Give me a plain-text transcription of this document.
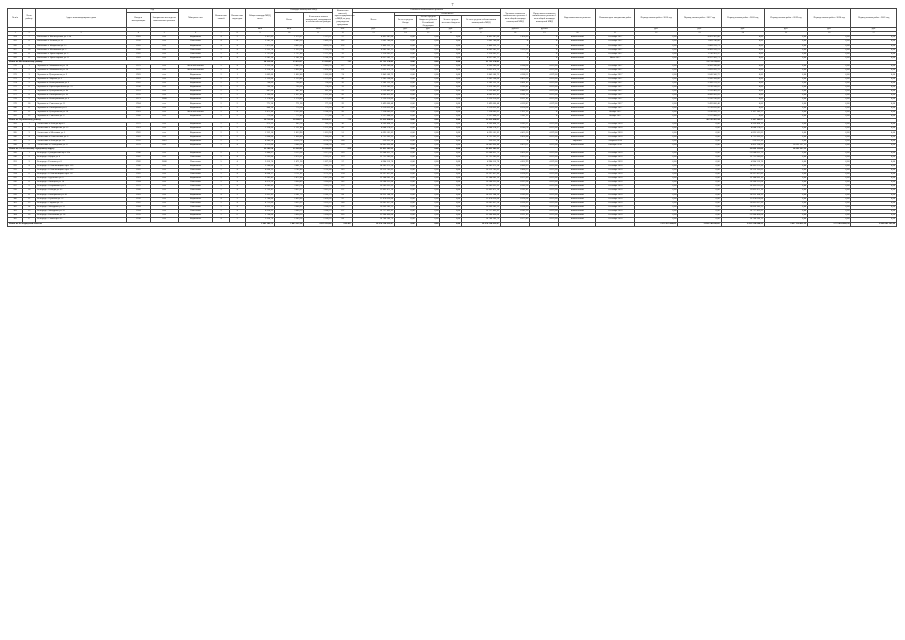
7
№ п/п	№ по району	Адрес многоквартирного дома	Год		Материал стен	Количество этажей	Количество подъездов	Общая площадь МКД, всего	Площадь помещений МКД:		Количество жителей, зарегистрированных в МКД на дату утверждения программы	Стоимость капитального ремонта					Удельная стоимость капитального ремонта 1 кв.м общей площади помещений МКД	Предельная стоимость капитального ремонта 1 кв.м общей площади помещений МКД	Вид капитального ремонта	Плановая дата завершения работ	Период оплаты работ - 2016 год	Период оплаты работ - 2017 год	Период оплаты работ - 2018 год	Период оплаты работ - 2019 год	Период оплаты работ - 2020 год	Период оплаты работ - 2021 год
			Ввода в эксплуатацию	Завершения последнего капитального ремонта					Всего	В том числе жилых помещений, находящихся в собственности граждан		Всего	в том числе:													
													За счет средств Фонда	За счет средств бюджета субъекта Российской Федерации	За счет средств местного бюджета	За счет средств собственников помещений в МКД										
								кв.м	кв.м	кв.м	чел.	руб.	руб.	руб.	руб.	руб.	рублей	рублей			руб.	руб.	руб.	руб.	руб.	руб.
1	2	3	4	5	6	7	8	9	10	11	12	13	14	15	16	17	18	19	20	21	22	23	24	25	26	27
264	7	Шебекино г. Институтская ул. 1/54	1963	нет	Кирпичные	4	3	2 417,02	1 579,37	1 579,37	57	4 491 987,00	0,00	0,00	0,00	4 491 987,00	2 858,99	Х	комплексный	Сентябрь 2017	0,00	4 491 987,00	0,00	0,00	0,00	0,00
265	8	Шебекино г. Ленина ул. 21	1959	нет	Панельные	4	3	3 541,34	2 485,50	2 485,50	282	1 003 746,00	0,00	0,00	0,00	1 003 746,00	Х	Х	комплексный	Сентябрь 2017	0,00	1 003 746,00	0,00	0,00	0,00	0,00
266	9	Шебекино г. Матросова ул. 11	1965	нет	Кирпичные	4	4	7 871,00	4 895,50	4 895,50	292	2 469 253,71	0,00	0,00	0,00	2 469 253,71	Х	Х	комплексный	Сентябрь 2017	0,00	2 469 253,71	0,00	0,00	0,00	0,00
267	10	Шебекино г. Московская ул. 2	1966	нет	Панельные	5	4	1 555,70	1 555,70	1 555,70	75	4 903 241,21	0,00	0,00	0,00	4 903 241,21	3 135,23	Х	комплексный	Сентябрь 2017	0,00	4 903 241,21	0,00	0,00	0,00	0,00
268	11	Шебекино г. Пролетарская ул. 3	1962	нет	Панельные	5	4	1 727,00	1 727,00	1 727,00	76	1 316 961,97	0,00	0,00	0,00	1 316 961,97	Х	Х	комплексный	Сентябрь 2017	0,00	1 316 961,97	0,00	0,00	0,00	0,00
269	12	Шебекино г. Пролетарская ул. 11	1963	нет	Кирпичные	4	4	1 541,20	1 541,20	1 541,20	63	4 957 502,71	0,00	0,00	0,00	4 957 502,71	Х	Х	комплексный	Июль 2017	0,00	4 957 502,71	0,00	0,00	0,00	0,00
Итого по Шебекинскому району								20 312,26	15 653,27	15 283,87	725	31 731 270,83	0,00	0,00	0,00	31 731 270,83						31 731 270,83				
270	1	Чернянка п. Маяковского ул. 18	1975	нет	Железобетонные	5	4	3 213,50	2 883,70	2 883,70	127	4 969 949,00	0,00	0,00	0,00	4 969 949,00	4 504,54	4 676,00	комплексный	Сентябрь 2017	0,00	4 969 949,00	0,00	0,00	0,00	0,00
271	2	Чернянка п. Маяковского ул. 20	1975	нет	Железобетонные	5	4	3 218,50	2 896,80	2 896,80	151	5 093 476,79	0,00	0,00	0,00	5 093 476,79	4 559,28	4 676,00	комплексный	Сентябрь 2017	0,00	5 093 476,79	0,00	0,00	0,00	0,00
272	3	Чернянка п. Центральная ул. 3	1963	нет	Кирпичные	2	1	1 062,00	1 062,00	1 062,00	74	3 843 506,72	0,00	0,00	0,00	3 843 506,72	4 508,12	4 676,00	комплексный	Сентябрь 2017	0,00	3 843 506,72	0,00	0,00	0,00	0,00
273	4	Чернянка п. Мирная ул. 2	1961	нет	Кирпичные	2	2	1 129,00	1 129,00	1 129,00	48	3 942 568,00	0,00	0,00	0,00	3 942 568,00	4 476,20	4 676,00	комплексный	Сентябрь 2017	0,00	3 942 568,00	0,00	0,00	0,00	0,00
274	5	Чернянка п. Кооперативная ул. 9	1962	нет	Кирпичные	2	2	768,09	768,09	768,09	39	3 389 123,16	0,00	0,00	0,00	3 389 123,16	4 461,45	4 676,00	комплексный	Сентябрь 2017	0,00	3 389 123,16	0,00	0,00	0,00	0,00
275	6	Чернянка п. Красноармейская ул. 12	1958	нет	Кирпичные	2	2	796,20	796,20	796,20	33	2 619 243,62	0,00	0,00	0,00	2 619 243,62	4 386,42	4 676,00	комплексный	Сентябрь 2017	0,00	2 619 243,62	0,00	0,00	0,00	0,00
276	7	Чернянка п. Центральная ул. 8а	1951	нет	Кирпичные	2	2	887,00	887,00	887,00	23	3 559 403,41	0,00	0,00	0,00	3 559 403,41	4 046,31	4 676,00	комплексный	Сентябрь 2017	0,00	3 559 403,41	0,00	0,00	0,00	0,00
277	8	Чернянка п. Октябрьская ул. 10	1976	нет	Кирпичные	2	2	1 196,60	1 637,40	1 637,40	43	4 089 452,83	0,00	0,00	0,00	4 089 452,83	4 581,56	4 676,00	комплексный	Сентябрь 2017	0,00	4 089 452,83	0,00	0,00	0,00	0,00
278	9	Чернянка п. Кооперативная ул. 6	1971	2008	Кирпичные	2	3	1 178,00	1 178,00	1 178,00	45	3 526 916,09	0,00	0,00	0,00	3 526 916,09	4 537,02	4 676,00	комплексный	Сентябрь 2017	0,00	3 526 916,09	0,00	0,00	0,00	0,00
279	10	Чернянка п. Советская ул. 11	1964	нет	Кирпичные	2	2	771,20	771,20	771,20	29	3 492 066,48	0,00	0,00	0,00	3 492 066,48	4 528,07	4 676,00	комплексный	Сентябрь 2017	0,00	3 492 066,48	0,00	0,00	0,00	0,00
280	11	Чернянка п. Октябрьская ул. 8	1962	нет	Кирпичные	2	2	848,20	776,10	776,10	36	3 519 032,86	0,00	0,00	0,00	3 519 032,86	4 534,24	4 676,00	комплексный	Сентябрь 2017	0,00	3 519 032,86	0,00	0,00	0,00	0,00
281	12	Чернянка п. Центральная ул. 10	1961	нет	Железобетонные	5	4	2 871,80	2 525,60	2 506,20	98	7 328 003,03	0,00	0,00	0,00	7 328 003,03	2 957,32	Х	комплексный	Ноябрь 2017	0,00	2 160 859,76	5 167 143,27	0,00	0,00	0,00
282	13	Чернянка п. Советская ул. 6	1966	нет	Кирпичные	2	2	772,00	772,00	772,00	32	2 537 808,62	0,00	0,00	0,00	2 537 808,62	3 287,32	Х	комплексный	Ноябрь 2017	0,00	2 537 808,62	0,00	0,00	0,00	0,00
Итого по Чернянскому району								18 711,69	18 160,77	18 141,37	778	51 912 430,61	0,00	0,00	0,00	51 912 430,61						46 745 287,34	5 167 143,27			
283	1	Алексеевка г. Победы пр-т 6	1975	нет	Кирпичные	2	2	975,22	902,10	902,10	30	4 269 490,12	0,00	0,00	0,00	4 269 490,12	4 385,51	4 676,00	комплексный	Сентябрь 2018	0,00	0,00	4 269 490,12	0,00	0,00	0,00
284	2	Алексеевка г. Тимирязева ул. 15	1961	нет	Кирпичные	2	2	1 228,60	1 121,80	1 121,80	43	4 648 378,67	0,00	0,00	0,00	4 648 378,67	4 144,78	4 676,00	комплексный	Сентябрь 2018	0,00	0,00	4 648 378,67	0,00	0,00	0,00
285	3	Алексеевка г. Мостовая ул. 5	1962	нет	Кирпичные	2	2	1 252,10	1 053,90	1 053,90	51	4 695 561,82	0,00	0,00	0,00	4 695 561,82	4 455,36	4 676,00	комплексный	Сентябрь 2018	0,00	0,00	4 695 561,82	0,00	0,00	0,00
286	4	Алексеевка г. Ремесленная ул. 6	1963	нет	Кирпичные	2	2	1 068,00	1 068,00	1 068,00	38	4 731 962,93	0,00	0,00	0,00	4 731 962,93	4 430,68	4 676,00	комплексный	Сентябрь 2018	0,00	0,00	4 731 962,93	0,00	0,00	0,00
287	5	Алексеевка г. Победы ул. 24	1955	2016	Кирпичные	2	2	4 946,58	4 556,78	4 556,78	188	229 951,20	0,00	0,00	0,00	229 951,20	Х	Х	лифтовое	Февраль 2018	0,00	0,00	229 951,20	0,00	0,00	0,00
288	6	Алексеевка г. Слободская ул. 17	1979	нет	Кирпичные	5	4	4 113,00	3 640,34	3 640,34	120	14 845 896,48	0,00	0,00	0,00	14 845 896,48	4 078,11	4 676,00	комплексный	Октябрь 2018	0,00	0,00	4 453 768,95	10 392 127,53	0,00	0,00
Итого по Алексеевскому городскому округу								13 583,50	12 343,92	12 343,92	470	33 421 241,22	0,00	0,00	0,00	33 421 241,22							23 029 113,69	10 392 127,53		
289	1	Белгород г. Гражданский пр-т 26а	1980	нет	Кирпичные	9	1	5 880,67	5 115,38	5 115,38	189	23 648 821,73	0,00	0,00	0,00	23 648 821,73	4 436,66	4 676,00	комплексный	Сентябрь 2018	0,00	0,00	23 648 821,73	0,00	0,00	0,00
290	2	Белгород г. Щорса ул. 8	1962	нет	Панельные	5	4	3 592,00	2 976,51	2 976,51	129	13 721 983,06	0,00	0,00	0,00	13 721 983,06	4 610,13	4 676,00	комплексный	Сентябрь 2018	0,00	0,00	13 721 983,06	0,00	0,00	0,00
291	3	Белгород г. Есенина ул. 8	1982	2008	Панельные	5	4	2 616,70	1 071,20	1 071,20	57	4 984 316,78	0,00	0,00	0,00	4 984 316,78	4 652,99	4 676,00	комплексный	Сентябрь 2018	0,00	0,00	4 984 316,78	0,00	0,00	0,00
292	4	Белгород г. Б.Хмельницкого пр-т 139	1960	нет	Кирпичные	5	3	3 500,00	3 081,19	3 081,19	122	14 201 971,50	0,00	0,00	0,00	14 201 971,50	4 609,25	4 676,00	комплексный	Сентябрь 2018	0,00	0,00	14 201 971,50	0,00	0,00	0,00
293	5	Белгород г. Б.Хмельницкого пр-т 135	1965	нет	Панельные	5	4	4 698,25	3 702,00	3 702,00	145	16 319 705,03	0,00	0,00	0,00	16 319 705,03	4 408,35	4 676,00	комплексный	Сентябрь 2018	0,00	0,00	16 319 705,03	0,00	0,00	0,00
294	6	Белгород г. Б.Хмельницкого пр-т 137	1965	нет	Панельные	5	4	4 668,17	3 711,62	3 711,62	134	16 297 437,86	0,00	0,00	0,00	16 297 437,86	4 390,93	4 676,00	комплексный	Сентябрь 2018	0,00	0,00	16 297 437,86	0,00	0,00	0,00
295	7	Белгород г. Будённого ул. 6	1961	нет	Кирпичные	5	3	3 205,45	2 872,60	2 872,60	107	13 144 903,16	0,00	0,00	0,00	13 144 903,16	4 575,96	4 676,00	комплексный	Сентябрь 2018	0,00	0,00	13 144 903,16	0,00	0,00	0,00
296	8	Белгород г. Липецкая ул. 10	1964	нет	Панельные	5	4	4 679,56	3 664,09	3 664,09	142	16 580 931,04	0,00	0,00	0,00	16 580 931,04	4 525,24	4 676,00	комплексный	Сентябрь 2018	0,00	0,00	16 580 931,04	0,00	0,00	0,00
297	9	Белгород г. Островского ул. 9	1972	нет	Панельные	5	4	4 689,83	3 663,70	3 663,70	153	16 505 621,63	0,00	0,00	0,00	16 505 621,63	4 505,18	4 676,00	комплексный	Сентябрь 2018	0,00	0,00	16 505 621,63	0,00	0,00	0,00
298	10	Белгород г. Победы ул. 65	1966	нет	Панельные	5	4	3 739,41	3 025,37	3 025,37	112	13 863 471,18	0,00	0,00	0,00	13 863 471,18	4 582,41	4 676,00	комплексный	Сентябрь 2018	0,00	0,00	13 863 471,18	0,00	0,00	0,00
299	11	Белгород г. Октябрьская ул. 43	1963	нет	Кирпичные	4	3	2 651,85	2 381,73	2 381,73	84	10 932 108,26	0,00	0,00	0,00	10 932 108,26	4 589,96	4 676,00	комплексный	Сентябрь 2018	0,00	0,00	10 932 108,26	0,00	0,00	0,00
300	12	Белгород г. Пугачёва ул. 21	1959	нет	Кирпичные	4	3	2 780,00	2 499,60	2 499,60	95	11 474 026,08	0,00	0,00	0,00	11 474 026,08	4 590,34	4 676,00	комплексный	Сентябрь 2018	0,00	0,00	11 474 026,08	0,00	0,00	0,00
301	13	Белгород г. Садовая ул. 25	1962	нет	Панельные	5	4	4 712,09	3 635,23	3 635,23	140	16 601 837,50	0,00	0,00	0,00	16 601 837,50	4 566,93	4 676,00	комплексный	Сентябрь 2018	0,00	0,00	16 601 837,50	0,00	0,00	0,00
302	14	Белгород г. Мичурина ул. 53	1964	нет	Панельные	5	4	4 622,36	3 648,92	3 648,92	152	16 669 382,52	0,00	0,00	0,00	16 669 382,52	4 568,29	4 676,00	комплексный	Сентябрь 2018	0,00	0,00	16 669 382,52	0,00	0,00	0,00
303	15	Белгород г. Мичурина ул. 55	1964	нет	Панельные	5	4	4 650,92	3 680,19	3 680,19	137	16 717 492,82	0,00	0,00	0,00	16 717 492,82	4 542,56	4 676,00	комплексный	Сентябрь 2018	0,00	0,00	16 717 492,82	0,00	0,00	0,00
304	16	Белгород г. Костюкова ул. 18	1976	нет	Кирпичные	5	6	5 760,00	5 094,26	5 094,26	205	22 980 466,04	0,00	0,00	0,00	22 980 466,04	4 511,05	4 676,00	комплексный	Сентябрь 2018	0,00	0,00	22 980 466,04	0,00	0,00	0,00
305	17	Белгород г. Славы пр-т 65	1958	нет	Кирпичные	4	3	2 650,70	2 349,10	2 349,10	84	10 748 286,76	0,00	0,00	0,00	10 748 286,76	4 575,49	4 676,00	комплексный	Сентябрь 2018	0,00	0,00	10 748 286,76	0,00	0,00	0,00
Итого по Белгородской области								5 941 382,73	5 045 167,38	4 935 210,46	199 487	19 674 520 612,87	0,00	0,00	0,00	19 674 520 612,87					2 151 925 000,91	2 858 740 016,02	3 415 218 640,31	3 627 530 811,29	3 779 024 802,50	3 842 081 341,84
